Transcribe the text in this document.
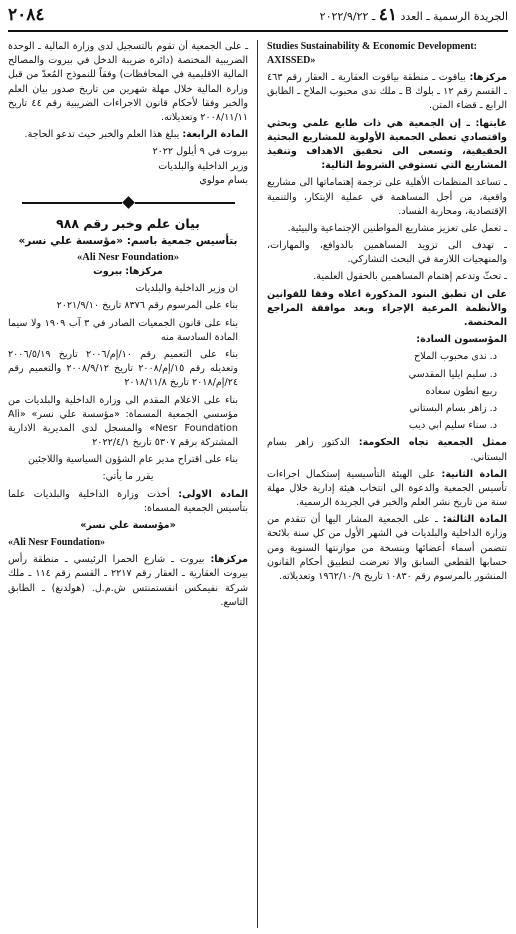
٢٠٨٤	الجريدة الرسمية ـ العدد ٤١ ـ ٢٠٢٢/٩/٢٢

ـ على الجمعية أن تقوم بالتسجيل لدى وزارة المالية ـ الوحدة الضريبية المختصة (دائرة ضريبة الدخل في بيروت والمصالح المالية الاقليمية في المحافظات) وفقاً للنموذج المُعدّ من قبل وزارة المالية خلال مهلة شهرين من تاريخ صدور بيان العلم والخبر وفقا لأحكام قانون الاجراءات الضريبية رقم ٤٤ تاريخ ٢٠٠٨/١١/١١ وتعديلاته.

المادة الرابعة: يبلغ هذا العلم والخبر حيث تدعو الحاجة.

بيروت في ٩ أيلول ٢٠٢٢
وزير الداخلية والبلديات
بسام مولوي
بيان علم وخبر رقم ٩٨٨
بتأسيس جمعية باسم: «مؤسسة علي نسر»
«Ali Nesr Foundation»

مركزها: بيروت

ان وزير الداخلية والبلديات

بناء على المرسوم رقم ٨٣٧٦ تاريخ ٢٠٢١/٩/١٠

بناء على قانون الجمعيات الصادر في ٣ آب ١٩٠٩ ولا سيما المادة السادسة منه

بناء على التعميم رقم ١٠/إم/٢٠٠٦ تاريخ ٢٠٠٦/٥/١٩ وتعديله رقم ١٥/إم/٢٠٠٨ تاريخ ٢٠٠٨/٩/١٢ والتعميم رقم ٢٤/إم/٢٠١٨ تاريخ ٢٠١٨/١١/٨

بناء على الاعلام المقدم الى وزارة الداخلية والبلديات من مؤسسي الجمعية المسماة: «مؤسسة علي نسر» «Ali Nesr Foundation» والمسجل لدى المديرية الادارية المشتركة برقم ٥٣٠٧ تاريخ ٢٠٢٢/٤/١

بناء على اقتراح مدير عام الشؤون السياسية واللاجئين

يقرر ما يأتي:

المادة الاولى: أخذت وزارة الداخلية والبلديات علما بتأسيس الجمعية المسماة:

«مؤسسة علي نسر»

«Ali Nesr Foundation»

مركزها: بيروت ـ شارع الحمرا الرئيسي ـ منطقة رأس بيروت العقارية ـ العقار رقم ٢٢١٧ ـ القسم رقم ١١٤ ـ ملك شركة نفيمكس انفستمنتس ش.م.ل. (هولدنغ) ـ الطابق التاسع.

Studies Sustainability & Economic Development: AXISSED»

مركزها: بياقوت ـ منطقة بياقوت العقارية ـ العقار رقم ٤٦٣ ـ القسم رقم ١٢ ـ بلوك B ـ ملك ندى محبوب الملاح ـ الطابق الرابع ـ قضاء المتن.

غايتها: ـ إن الجمعية هي ذات طابع علمي وبحثي واقتصادي تعطي الجمعية الأولوية للمشاريع البحثية الحقيقية، وتسعى الى تحقيق الاهداف وتنفيذ المشاريع التي تستوفي الشروط التالية:

ـ تساعد المنظمات الأهلية على ترجمة إهتماماتها الى مشاريع واقعية، من أجل المساهمة في عملية الإبتكار، والتنمية الإقتصادية، ومحاربة الفساد.

ـ تعمل على تعزيز مشاريع المواطنين الإجتماعية والبيئية.

ـ تهدف الى تزويد المساهمين بالدوافع، والمهارات، والمنهجيات اللازمة في البحث التشاركي.

ـ تحثّ وتدعم إهتمام المساهمين بالحقول العلمية.

على ان تطبق البنود المذكورة اعلاه وفقا للقوانين والأنظمة المرعية الإجراء وبعد موافقة المراجع المختصة.

المؤسسون السادة:

د. ندى محبوب الملاح

د. سليم ايليا المقدسي

ربيع انطون سعاده

د. زاهر بسام البستاني

د. سناء سليم ابي ديب

ممثل الجمعية تجاه الحكومة: الدكتور زاهر بسام البستاني.

المادة الثانية: على الهيئة التأسيسية إستكمال اجراءات تأسيس الجمعية والدعوة الى انتخاب هيئة إدارية خلال مهلة سنة من تاريخ نشر العلم والخبر في الجريدة الرسمية.

المادة الثالثة: ـ على الجمعية المشار اليها أن تتقدم من وزارة الداخلية والبلديات في الشهر الأول من كل سنة بلائحة تتضمن أسماء أعضائها وبنسخة من موازنتها السنوية ومن حسابها القطعي السابق والا تعرضت لتطبيق أحكام القانون المنشور بالمرسوم رقم ١٠٨٣٠ تاريخ ١٩٦٢/١٠/٩ وتعديلاته.
